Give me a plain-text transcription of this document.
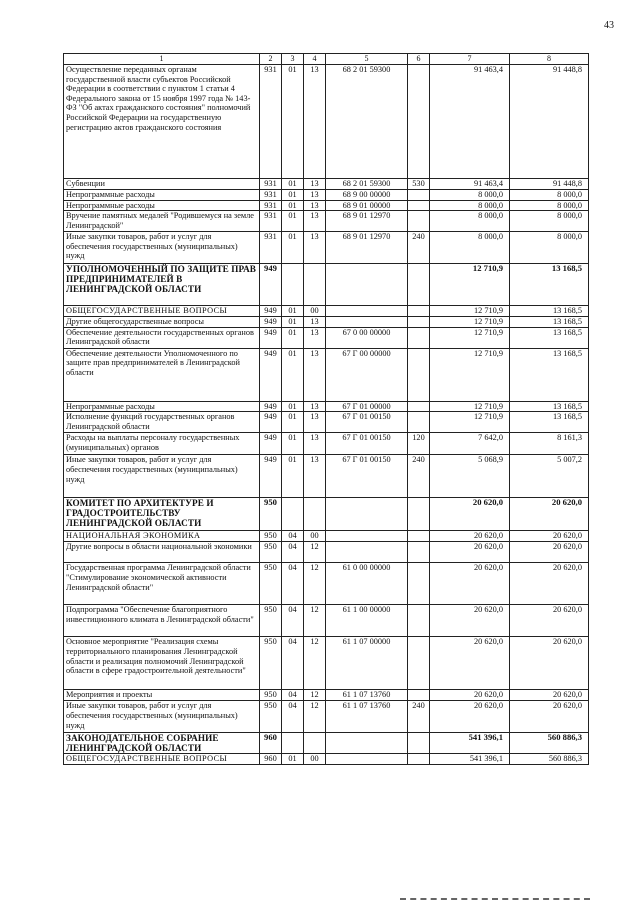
43
1	2	3	4	5	6	7	8
Осуществление переданных органам государственной власти субъектов Российской Федерации в соответствии с пунктом 1 статьи 4 Федерального закона от 15 ноября 1997 года № 143-ФЗ "Об актах гражданского состояния" полномочий Российской Федерации на государственную регистрацию актов гражданского состояния	931	01	13	68 2 01 59300		91 463,4	91 448,8
Субвенции	931	01	13	68 2 01 59300	530	91 463,4	91 448,8
Непрограммные расходы	931	01	13	68 9 00 00000		8 000,0	8 000,0
Непрограммные расходы	931	01	13	68 9 01 00000		8 000,0	8 000,0
Вручение памятных медалей "Родившемуся на земле Ленинградской"	931	01	13	68 9 01 12970		8 000,0	8 000,0
Иные закупки товаров, работ и услуг для обеспечения государственных (муниципальных) нужд	931	01	13	68 9 01 12970	240	8 000,0	8 000,0
УПОЛНОМОЧЕННЫЙ ПО ЗАЩИТЕ ПРАВ ПРЕДПРИНИМАТЕЛЕЙ В ЛЕНИНГРАДСКОЙ ОБЛАСТИ	949					12 710,9	13 168,5
ОБЩЕГОСУДАРСТВЕННЫЕ ВОПРОСЫ	949	01	00			12 710,9	13 168,5
Другие общегосударственные вопросы	949	01	13			12 710,9	13 168,5
Обеспечение деятельности государственных органов Ленинградской области	949	01	13	67 0 00 00000		12 710,9	13 168,5
Обеспечение деятельности Уполномоченного по защите прав предпринимателей в Ленинградской области	949	01	13	67 Г 00 00000		12 710,9	13 168,5
Непрограммные расходы	949	01	13	67 Г 01 00000		12 710,9	13 168,5
Исполнение функций государственных органов Ленинградской области	949	01	13	67 Г 01 00150		12 710,9	13 168,5
Расходы на выплаты персоналу государственных (муниципальных) органов	949	01	13	67 Г 01 00150	120	7 642,0	8 161,3
Иные закупки товаров, работ и услуг для обеспечения государственных (муниципальных) нужд	949	01	13	67 Г 01 00150	240	5 068,9	5 007,2
КОМИТЕТ ПО АРХИТЕКТУРЕ И ГРАДОСТРОИТЕЛЬСТВУ ЛЕНИНГРАДСКОЙ ОБЛАСТИ	950					20 620,0	20 620,0
НАЦИОНАЛЬНАЯ ЭКОНОМИКА	950	04	00			20 620,0	20 620,0
Другие вопросы в области национальной экономики	950	04	12			20 620,0	20 620,0
Государственная программа Ленинградской области "Стимулирование экономической активности Ленинградской области"	950	04	12	61 0 00 00000		20 620,0	20 620,0
Подпрограмма "Обеспечение благоприятного инвестиционного климата в Ленинградской области"	950	04	12	61 1 00 00000		20 620,0	20 620,0
Основное мероприятие "Реализация схемы территориального планирования Ленинградской области и реализация полномочий Ленинградской области в сфере градостроительной деятельности"	950	04	12	61 1 07 00000		20 620,0	20 620,0
Мероприятия и проекты	950	04	12	61 1 07 13760		20 620,0	20 620,0
Иные закупки товаров, работ и услуг для обеспечения государственных (муниципальных) нужд	950	04	12	61 1 07 13760	240	20 620,0	20 620,0
ЗАКОНОДАТЕЛЬНОЕ СОБРАНИЕ ЛЕНИНГРАДСКОЙ ОБЛАСТИ	960					541 396,1	560 886,3
ОБЩЕГОСУДАРСТВЕННЫЕ ВОПРОСЫ	960	01	00			541 396,1	560 886,3
